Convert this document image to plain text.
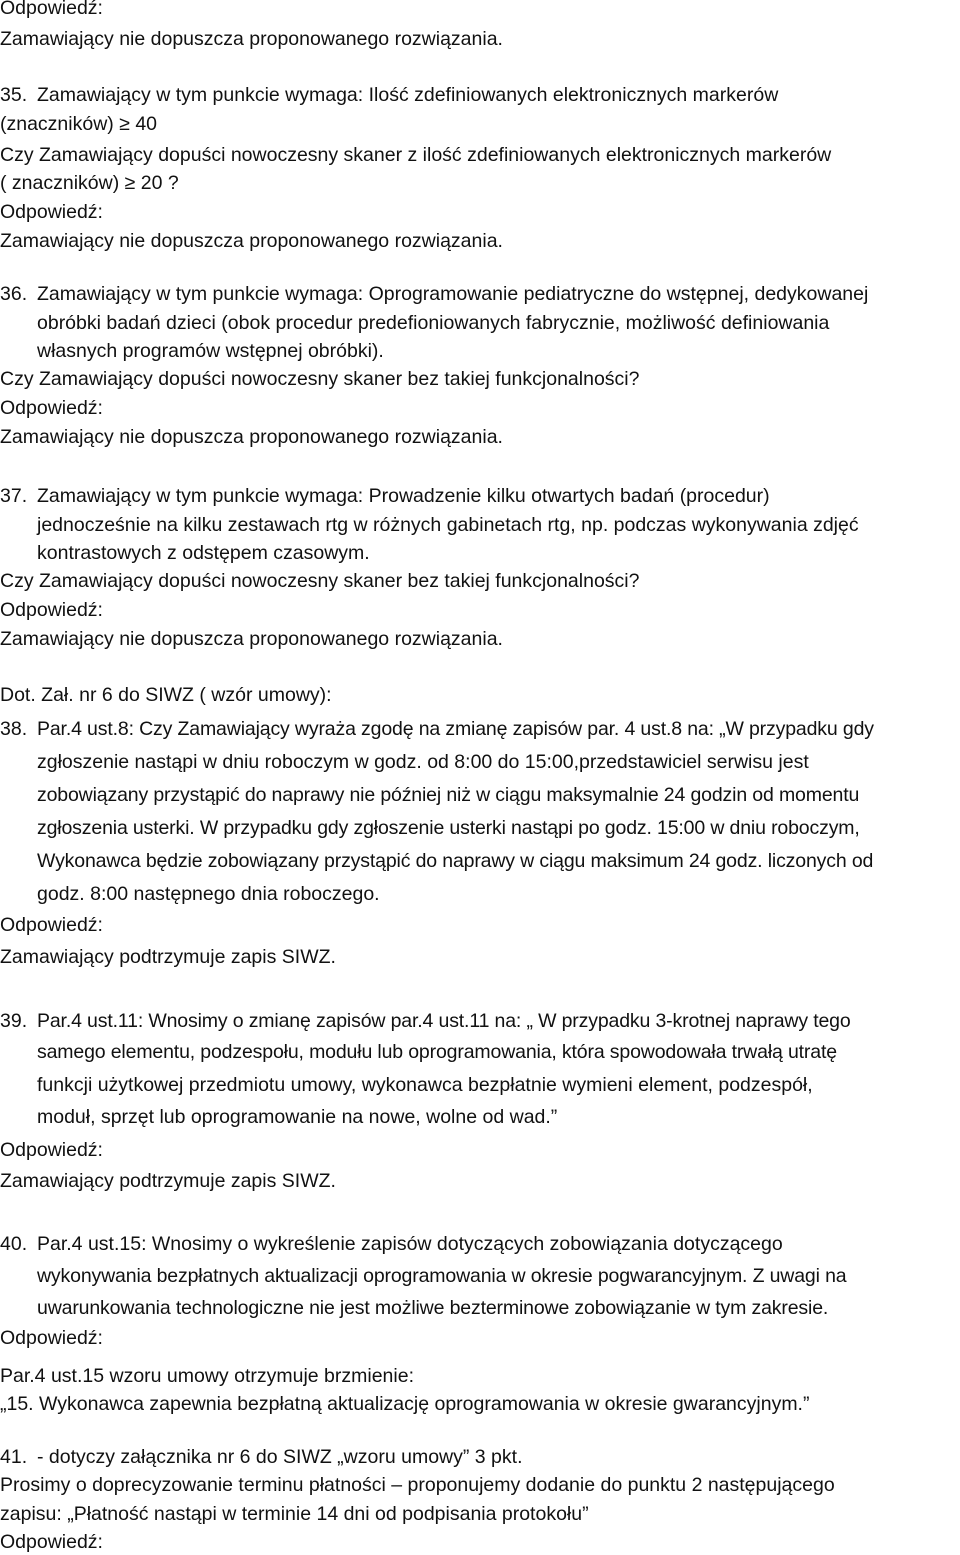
Odpowiedź:
Zamawiający nie dopuszcza proponowanego rozwiązania.
35. Zamawiający w tym punkcie wymaga: Ilość zdefiniowanych elektronicznych markerów
(znaczników) ≥ 40
Czy Zamawiający dopuści nowoczesny skaner z ilość zdefiniowanych elektronicznych markerów
( znaczników) ≥ 20 ?
Odpowiedź:
Zamawiający nie dopuszcza proponowanego rozwiązania.
36. Zamawiający w tym punkcie wymaga: Oprogramowanie pediatryczne do wstępnej, dedykowanej
obróbki badań dzieci (obok procedur predefioniowanych fabrycznie, możliwość definiowania
własnych programów wstępnej obróbki).
Czy Zamawiający dopuści nowoczesny skaner bez takiej funkcjonalności?
Odpowiedź:
Zamawiający nie dopuszcza proponowanego rozwiązania.
37. Zamawiający w tym punkcie wymaga: Prowadzenie kilku otwartych badań (procedur)
jednocześnie na kilku zestawach rtg w różnych gabinetach rtg, np. podczas wykonywania zdjęć
kontrastowych z odstępem czasowym.
Czy Zamawiający dopuści nowoczesny skaner bez takiej funkcjonalności?
Odpowiedź:
Zamawiający nie dopuszcza proponowanego rozwiązania.
Dot. Zał. nr 6 do SIWZ ( wzór umowy):
38. Par.4 ust.8: Czy Zamawiający wyraża zgodę na zmianę zapisów par. 4 ust.8 na: „W przypadku gdy
zgłoszenie nastąpi w dniu roboczym w godz. od 8:00 do 15:00,przedstawiciel serwisu jest
zobowiązany przystąpić do naprawy nie później niż w ciągu maksymalnie 24 godzin od momentu
zgłoszenia usterki. W przypadku gdy zgłoszenie usterki nastąpi po godz. 15:00 w dniu roboczym,
Wykonawca będzie zobowiązany przystąpić do naprawy w ciągu maksimum 24 godz. liczonych od
godz. 8:00 następnego dnia roboczego.
Odpowiedź:
Zamawiający podtrzymuje zapis SIWZ.
39. Par.4 ust.11: Wnosimy o zmianę zapisów par.4 ust.11 na: „ W przypadku 3-krotnej naprawy tego
samego elementu, podzespołu, modułu lub oprogramowania, która spowodowała trwałą utratę
funkcji użytkowej przedmiotu umowy, wykonawca bezpłatnie wymieni element, podzespół,
moduł, sprzęt lub oprogramowanie na nowe, wolne od wad.”
Odpowiedź:
Zamawiający podtrzymuje zapis SIWZ.
40. Par.4 ust.15: Wnosimy o wykreślenie zapisów dotyczących zobowiązania dotyczącego
wykonywania bezpłatnych aktualizacji oprogramowania w okresie pogwarancyjnym. Z uwagi na
uwarunkowania technologiczne nie jest możliwe bezterminowe zobowiązanie w tym zakresie.
Odpowiedź:
Par.4 ust.15 wzoru umowy otrzymuje brzmienie:
„15. Wykonawca zapewnia bezpłatną aktualizację oprogramowania w okresie gwarancyjnym.”
41. - dotyczy załącznika nr 6 do SIWZ „wzoru umowy” 3 pkt.
Prosimy o doprecyzowanie terminu płatności – proponujemy dodanie do punktu 2 następującego
zapisu: „Płatność nastąpi w terminie 14 dni od podpisania protokołu”
Odpowiedź:
